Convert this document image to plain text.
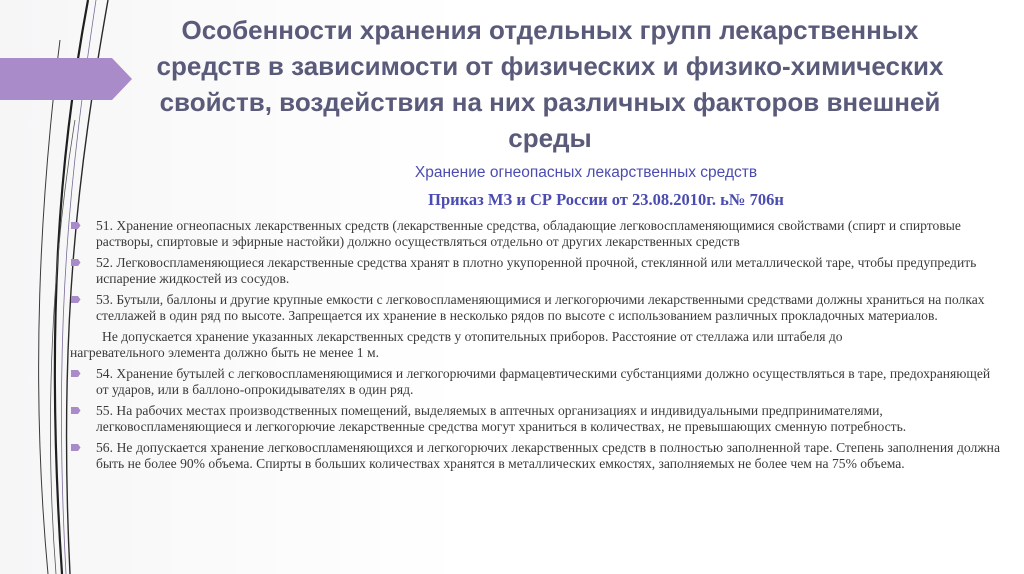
Особенности хранения отдельных групп лекарственных средств в зависимости от физических и физико-химических свойств, воздействия на них различных факторов внешней среды
Хранение огнеопасных лекарственных средств
Приказ МЗ и СР России от 23.08.2010г. ь№ 706н
51. Хранение огнеопасных лекарственных средств (лекарственные средства, обладающие легковоспламеняющимися свойствами (спирт и спиртовые растворы, спиртовые и эфирные настойки) должно осуществляться отдельно от других лекарственных средств
52. Легковоспламеняющиеся лекарственные средства хранят в плотно укупоренной прочной, стеклянной или металлической таре, чтобы предупредить испарение жидкостей из сосудов.
53. Бутыли, баллоны и другие крупные емкости с легковоспламеняющимися и легкогорючими лекарственными средствами должны храниться на полках стеллажей в один ряд по высоте. Запрещается их хранение в несколько рядов по высоте с использованием различных прокладочных материалов.
Не допускается хранение указанных лекарственных средств у отопительных приборов. Расстояние от стеллажа или штабеля до
нагревательного элемента должно быть не менее 1 м.
54. Хранение бутылей с легковоспламеняющимися и легкогорючими фармацевтическими субстанциями должно осуществляться в таре, предохраняющей от ударов, или в баллоно-опрокидывателях в один ряд.
55. На рабочих местах производственных помещений, выделяемых в аптечных организациях и индивидуальными предпринимателями, легковоспламеняющиеся и легкогорючие лекарственные средства могут храниться в количествах, не превышающих сменную потребность.
56. Не допускается хранение легковоспламеняющихся и легкогорючих лекарственных средств в полностью заполненной таре. Степень заполнения должна быть не более 90% объема. Спирты в больших количествах хранятся в металлических емкостях, заполняемых не более чем на 75% объема.
